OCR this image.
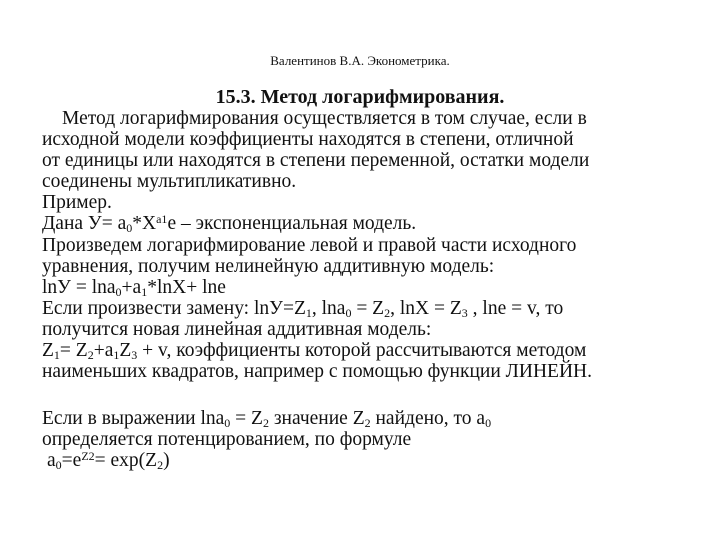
Валентинов В.А. Эконометрика.
15.3. Метод логарифмирования.
Метод логарифмирования осуществляется в том случае, если в
исходной модели коэффициенты находятся в степени, отличной
от единицы или находятся в степени переменной, остатки модели
соединены мультипликативно.
Пример.
Дана $У= а_0*Х^{a1}e$ – экспоненциальная модель.
Произведем логарифмирование левой и правой части исходного
уравнения, получим нелинейную аддитивную модель:
$\ln У = \ln а_0+а_1*\ln X+ \ln e$
Если произвести замену: $\ln У=Z_1$, $\ln а_0 = Z_2$, $\ln X = Z_3$ , lne = v, то
получится новая линейная аддитивная модель:
$Z_1= Z_2+а_1Z_3 + v$, коэффициенты которой рассчитываются методом
наименьших квадратов, например с помощью функции ЛИНЕЙН.
Если в выражении $\ln а_0 = Z_2$ значение $Z_2$ найдено, то $а_0$
определяется потенцированием, по формуле
$а_0=e^{Z2}= \exp(Z_2)$
